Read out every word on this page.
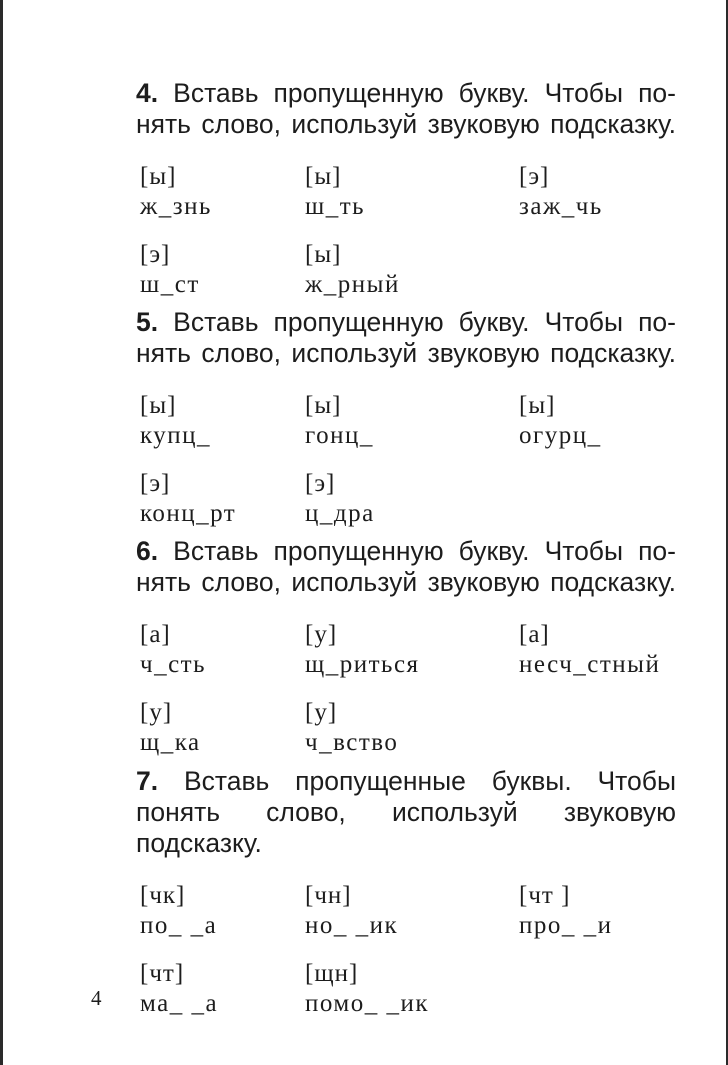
4. Вставь пропущенную букву. Чтобы по-
нять слово, используй звуковую подсказку.

[ы]
ж_знь
[ы]
ш_ть
[э]
заж_чь
[э]
ш_ст
[ы]
ж_рный

5. Вставь пропущенную букву. Чтобы по-
нять слово, используй звуковую подсказку.

[ы]
купц_
[ы]
гонц_
[ы]
огурц_
[э]
конц_рт
[э]
ц_дра

6. Вставь пропущенную букву. Чтобы по-
нять слово, используй звуковую подсказку.

[а]
ч_сть
[у]
щ_риться
[а]
несч_стный
[у]
щ_ка
[у]
ч_вство

7. Вставь пропущенные буквы. Чтобы
понять слово, используй звуковую подсказку.

[чк]
по_ _а
[чн]
но_ _ик
[чт ]
про_ _и
[чт]
ма_ _а
[щн]
помо_ _ик
4
